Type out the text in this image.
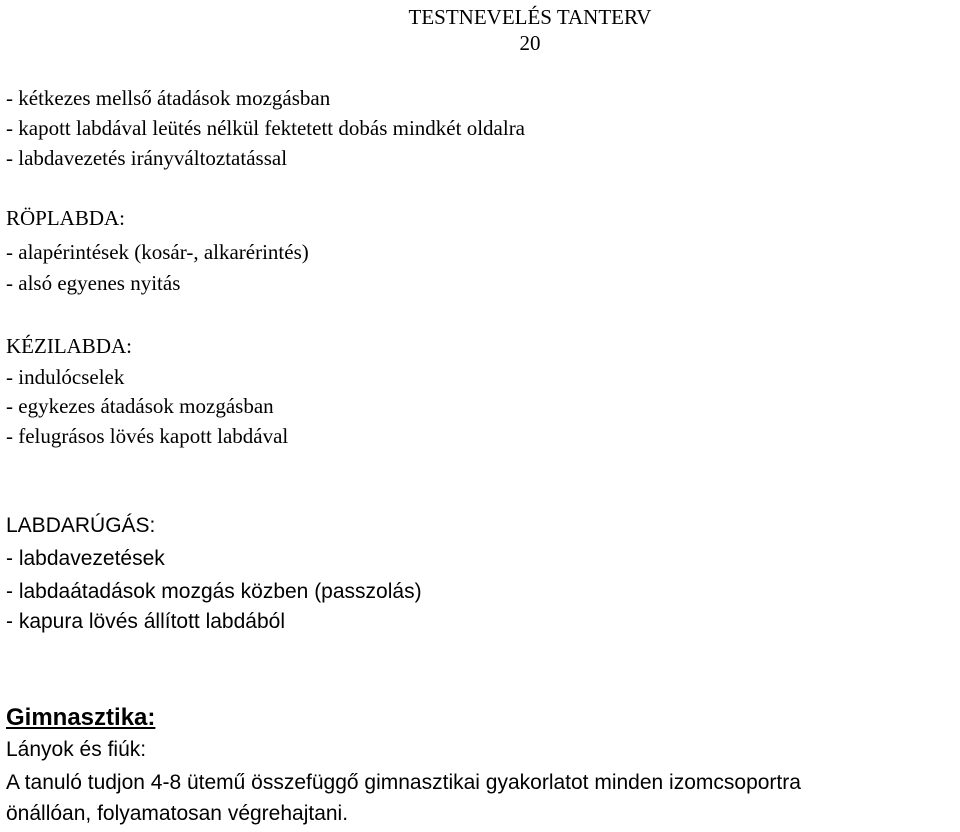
TESTNEVELÉS TANTERV
20
- kétkezes mellső átadások mozgásban
- kapott labdával leütés nélkül fektetett dobás mindkét oldalra
- labdavezetés irányváltoztatással
RÖPLABDA:
- alapérintések (kosár-, alkarérintés)
- alsó egyenes nyitás
KÉZILABDA:
- indulócselek
- egykezes átadások mozgásban
- felugrásos lövés kapott labdával
LABDARÚGÁS:
- labdavezetések
- labdaátadások mozgás közben (passzolás)
- kapura lövés állított labdából
Gimnasztika:
Lányok és fiúk:
A tanuló tudjon 4-8 ütemű összefüggő gimnasztikai gyakorlatot minden izomcsoportra
önállóan, folyamatosan végrehajtani.
